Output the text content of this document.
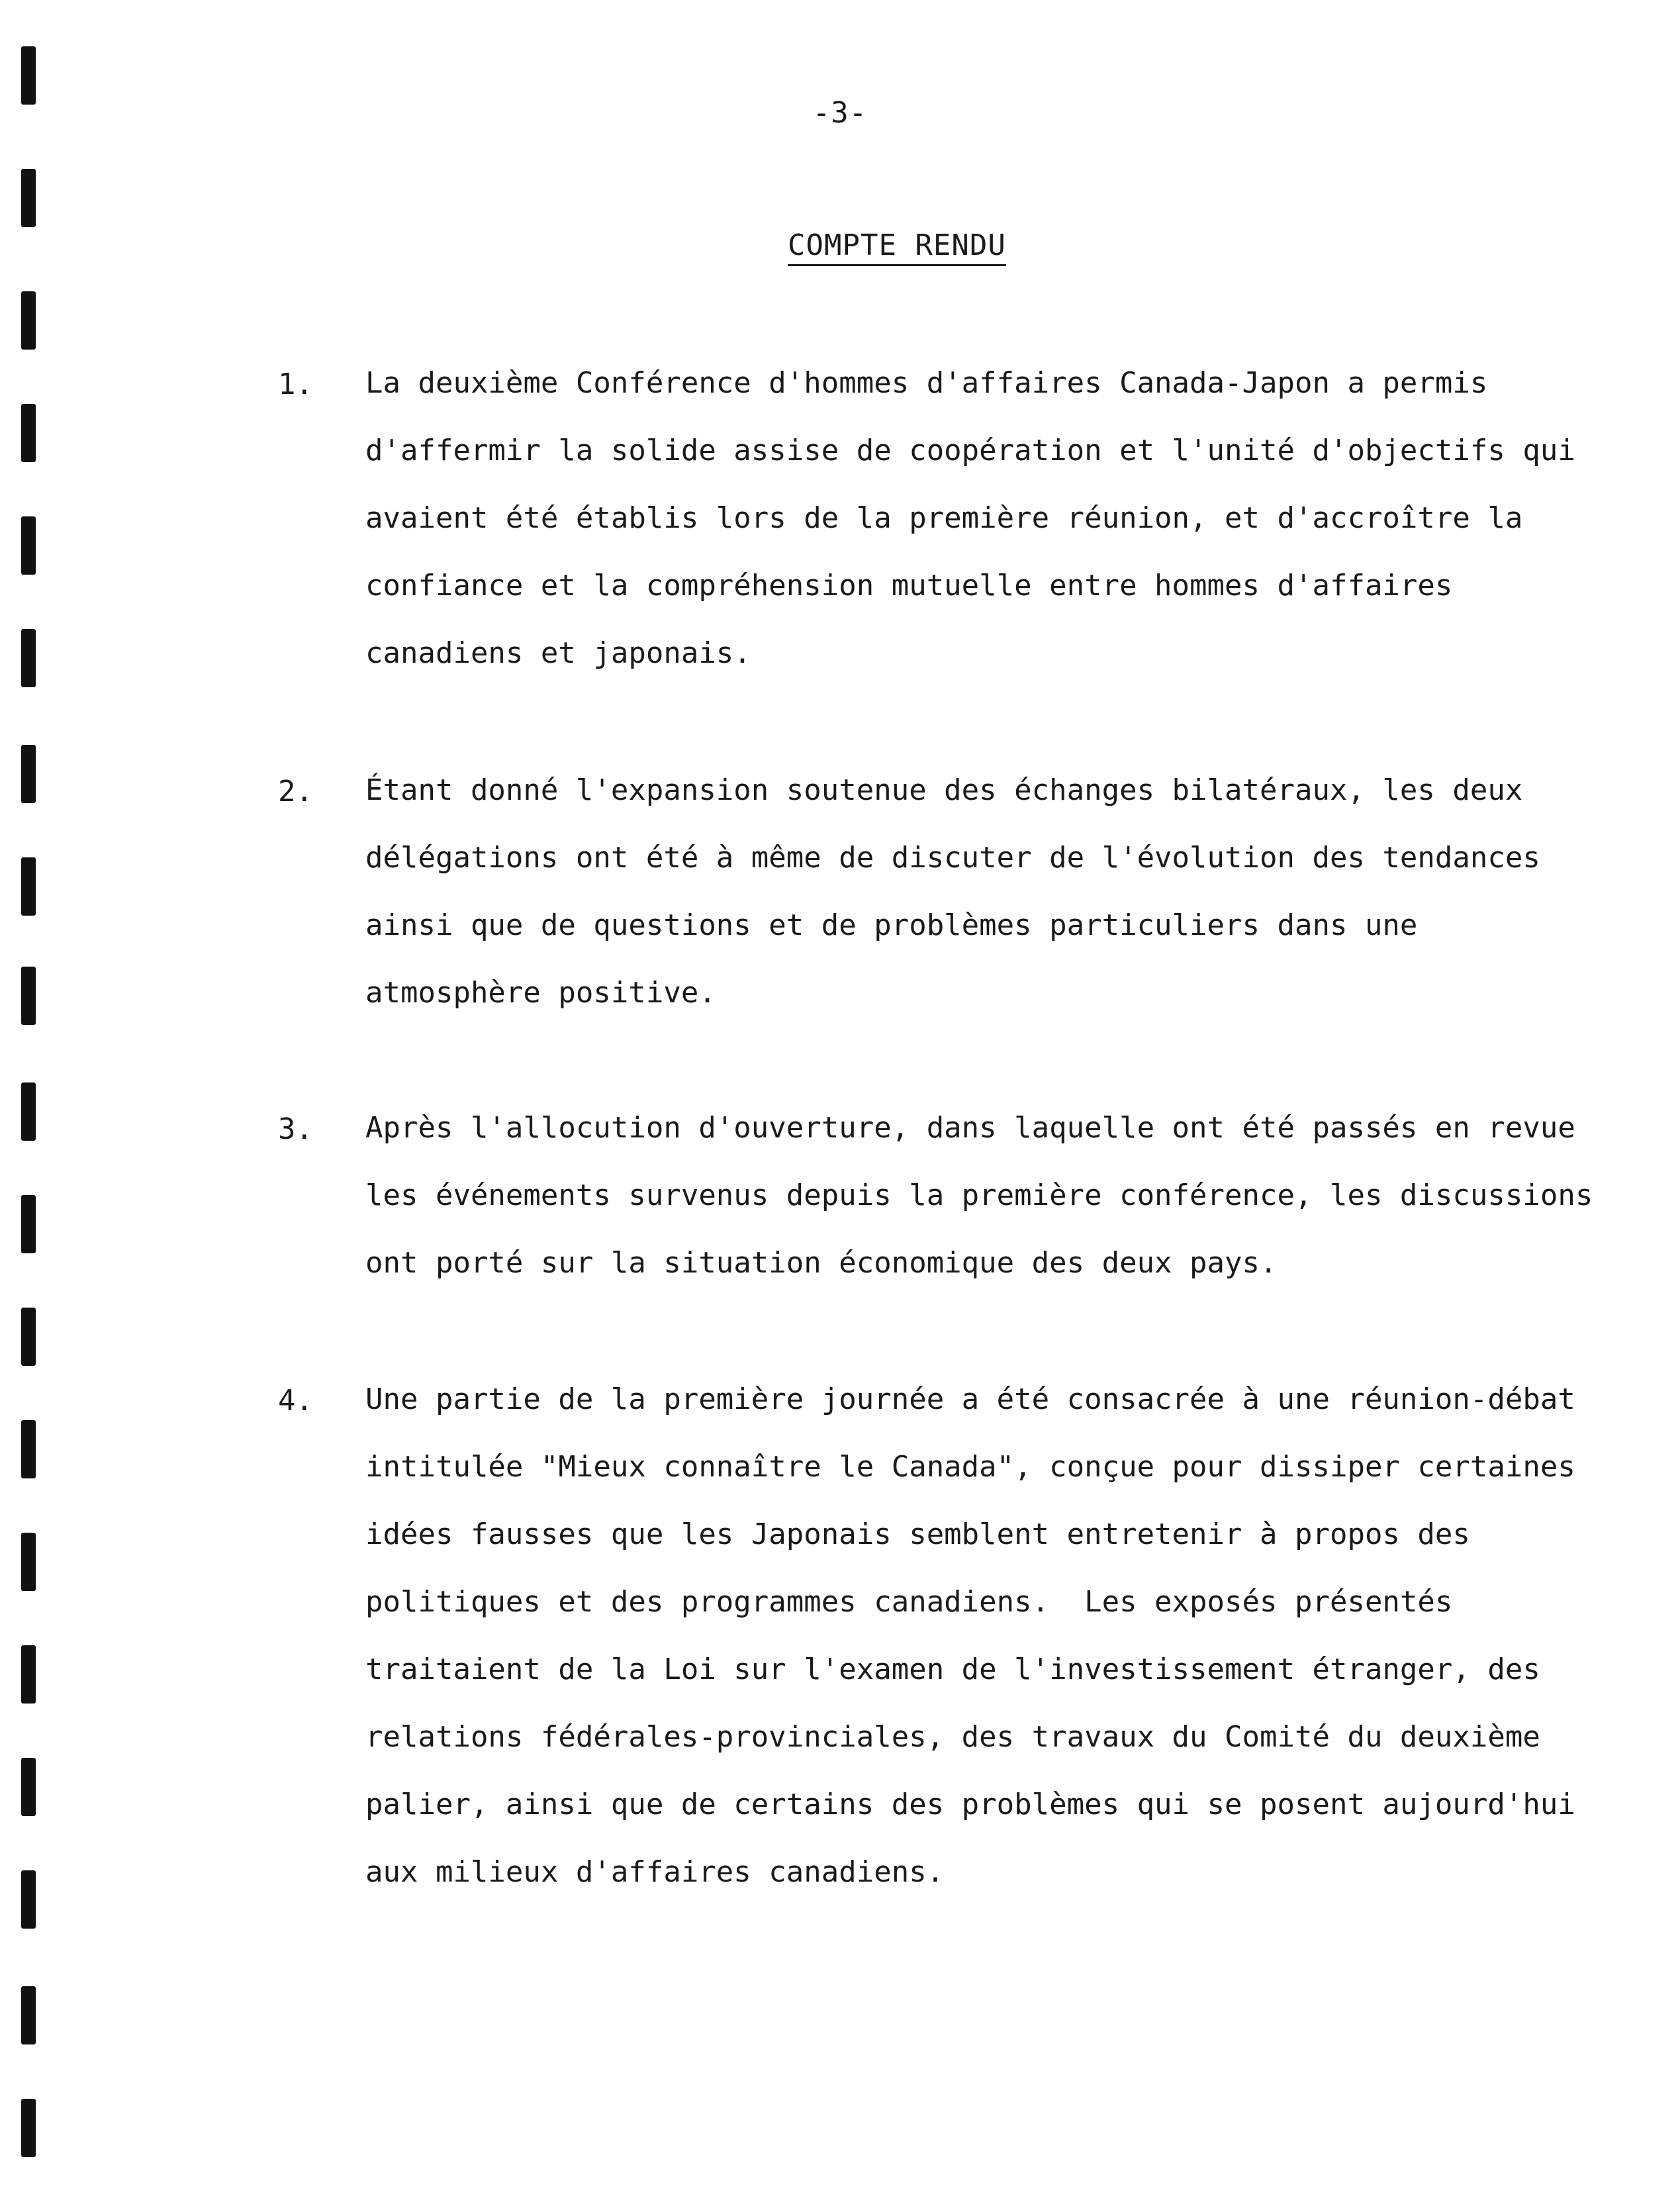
-3-
COMPTE RENDU
1. La deuxième Conférence d'hommes d'affaires Canada-Japon a permis
d'affermir la solide assise de coopération et l'unité d'objectifs qui
avaient été établis lors de la première réunion, et d'accroître la
confiance et la compréhension mutuelle entre hommes d'affaires
canadiens et japonais.
2. Étant donné l'expansion soutenue des échanges bilatéraux, les deux
délégations ont été à même de discuter de l'évolution des tendances
ainsi que de questions et de problèmes particuliers dans une
atmosphère positive.
3. Après l'allocution d'ouverture, dans laquelle ont été passés en revue
les événements survenus depuis la première conférence, les discussions
ont porté sur la situation économique des deux pays.
4. Une partie de la première journée a été consacrée à une réunion-débat
intitulée "Mieux connaître le Canada", conçue pour dissiper certaines
idées fausses que les Japonais semblent entretenir à propos des
politiques et des programmes canadiens.  Les exposés présentés
traitaient de la Loi sur l'examen de l'investissement étranger, des
relations fédérales-provinciales, des travaux du Comité du deuxième
palier, ainsi que de certains des problèmes qui se posent aujourd'hui
aux milieux d'affaires canadiens.
